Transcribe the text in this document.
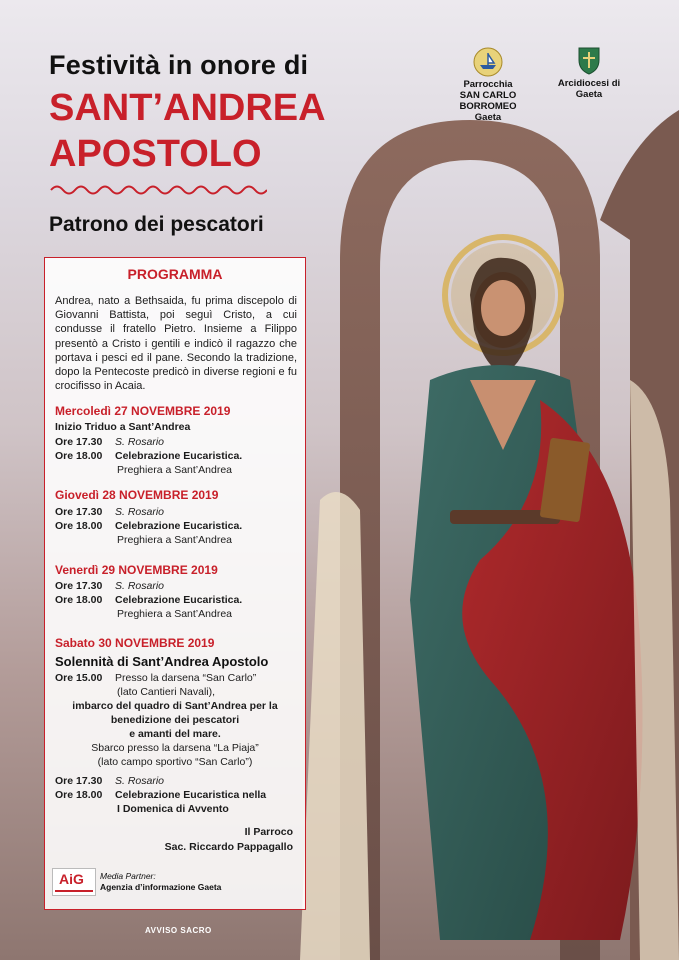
Festività in onore di
SANT’ANDREA
APOSTOLO
Patrono dei pescatori
Parrocchia
SAN CARLO BORROMEO
Gaeta
Arcidiocesi di
Gaeta
PROGRAMMA
Andrea, nato a Bethsaida, fu prima discepolo di Giovanni Battista, poi seguì Cristo, a cui condusse il fratello Pietro. Insieme a Filippo presentò a Cristo i gentili e indicò il ragazzo che portava i pesci ed il pane. Secondo la tradizione, dopo la Pentecoste predicò in diverse regioni e fu crocifisso in Acaia.
Mercoledì 27 NOVEMBRE 2019
Inizio Triduo a Sant’Andrea
Ore 17.30 S. Rosario
Ore 18.00 Celebrazione Eucaristica.
Preghiera a Sant’Andrea
Giovedì 28 NOVEMBRE 2019
Ore 17.30 S. Rosario
Ore 18.00 Celebrazione Eucaristica.
Preghiera a Sant’Andrea
Venerdì 29 NOVEMBRE 2019
Ore 17.30 S. Rosario
Ore 18.00 Celebrazione Eucaristica.
Preghiera a Sant’Andrea
Sabato 30 NOVEMBRE 2019
Solennità di Sant’Andrea Apostolo
Ore 15.00 Presso la darsena “San Carlo”
(lato Cantieri Navali),
imbarco del quadro di Sant’Andrea per la
benedizione dei pescatori
e amanti del mare.
Sbarco presso la darsena “La Piaja”
(lato campo sportivo “San Carlo”)
Ore 17.30 S. Rosario
Ore 18.00 Celebrazione Eucaristica nella
I Domenica di Avvento
Il Parroco
Sac. Riccardo Pappagallo
AiG Media Partner:
Agenzia d’informazione Gaeta
AVVISO SACRO
